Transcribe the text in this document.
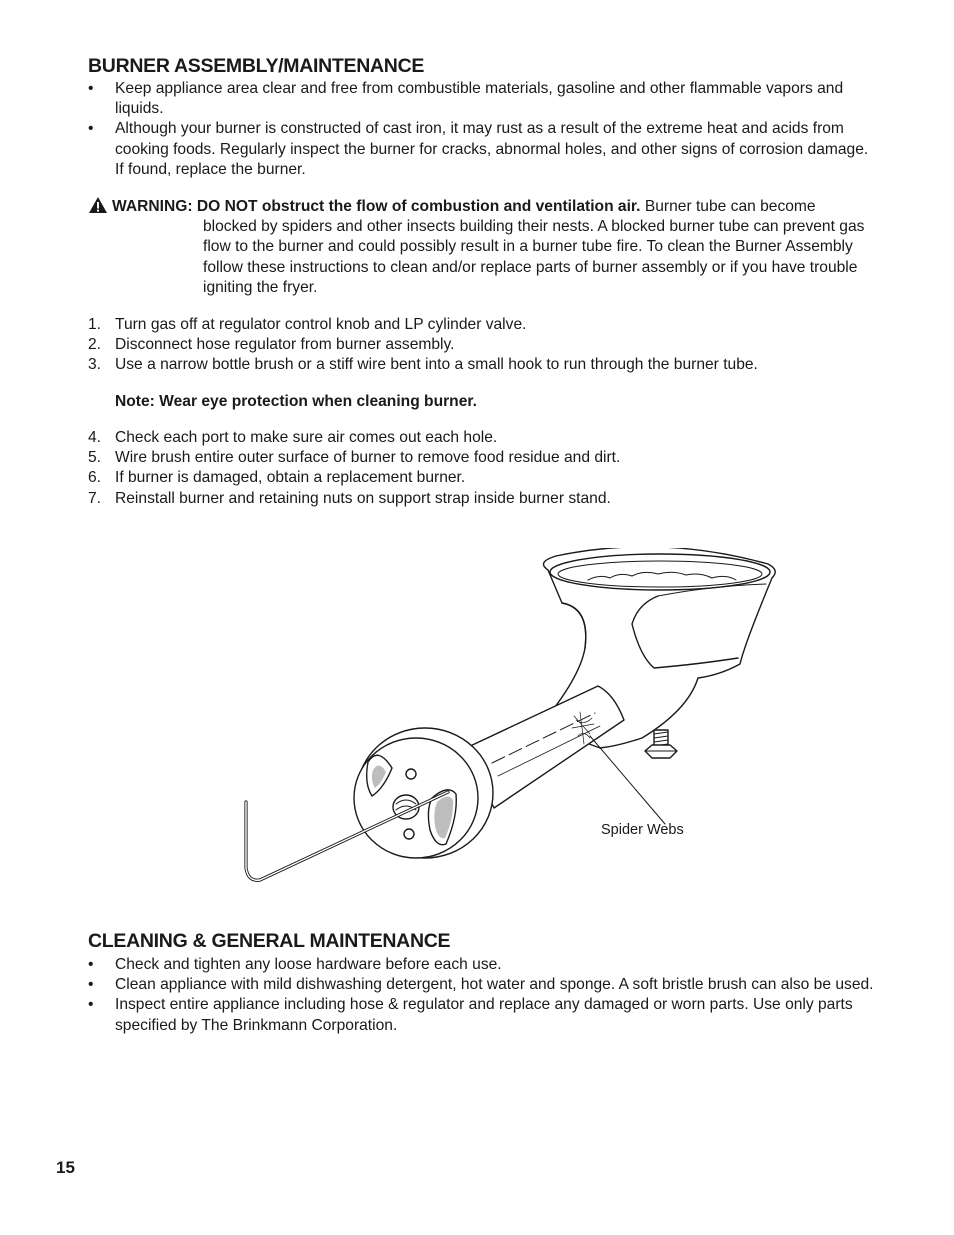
BURNER ASSEMBLY/MAINTENANCE
• Keep appliance area clear and free from combustible materials, gasoline and other flammable vapors and liquids.
• Although your burner is constructed of cast iron, it may rust as a result of the extreme heat and acids from cooking foods. Regularly inspect the burner for cracks, abnormal holes, and other signs of corrosion damage. If found, replace the burner.
WARNING: DO NOT obstruct the flow of combustion and ventilation air. Burner tube can become
blocked by spiders and other insects building their nests. A blocked burner tube can prevent gas flow to the burner and could possibly result in a burner tube fire. To clean the Burner Assembly follow these instructions to clean and/or replace parts of burner assembly or if you have trouble igniting the fryer.
1. Turn gas off at regulator control knob and LP cylinder valve.
2. Disconnect hose regulator from burner assembly.
3. Use a narrow bottle brush or a stiff wire bent into a small hook to run through the burner tube.
Note: Wear eye protection when cleaning burner.
4. Check each port to make sure air comes out each hole.
5. Wire brush entire outer surface of burner to remove food residue and dirt.
6. If burner is damaged, obtain a replacement burner.
7. Reinstall burner and retaining nuts on support strap inside burner stand.
Spider Webs
CLEANING & GENERAL MAINTENANCE
• Check and tighten any loose hardware before each use.
• Clean appliance with mild dishwashing detergent, hot water and sponge. A soft bristle brush can also be used.
• Inspect entire appliance including hose & regulator and replace any damaged or worn parts. Use only parts specified by The Brinkmann Corporation.
15
